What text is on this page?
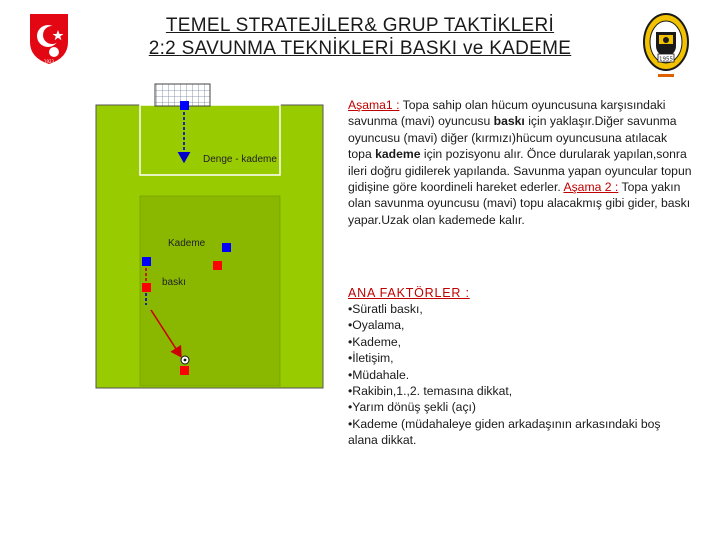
TEMEL STRATEJİLER& GRUP TAKTİKLERİ
2:2 SAVUNMA TEKNİKLERİ BASKI ve KADEME
1923	1955
Denge - kademe
Kademe
baskı
Aşama1 : Topa sahip olan hücum oyuncusuna karşısındaki savunma (mavi) oyuncusu baskı için yaklaşır.Diğer savunma oyuncusu (mavi) diğer (kırmızı)hücum oyuncusuna atılacak topa kademe için pozisyonu alır. Önce durularak yapılan,sonra ileri doğru gidilerek yapılanda. Savunma yapan oyuncular topun gidişine göre koordineli hareket ederler. Aşama 2 : Topa yakın olan savunma oyuncusu (mavi) topu alacakmış gibi gider, baskı yapar.Uzak olan kademede kalır.
ANA FAKTÖRLER :
•Süratli baskı,
•Oyalama,
•Kademe,
•İletişim,
•Müdahale.
•Rakibin,1.,2. temasına dikkat,
•Yarım dönüş şekli (açı)
•Kademe (müdahaleye giden arkadaşının arkasındaki boş alana dikkat.
